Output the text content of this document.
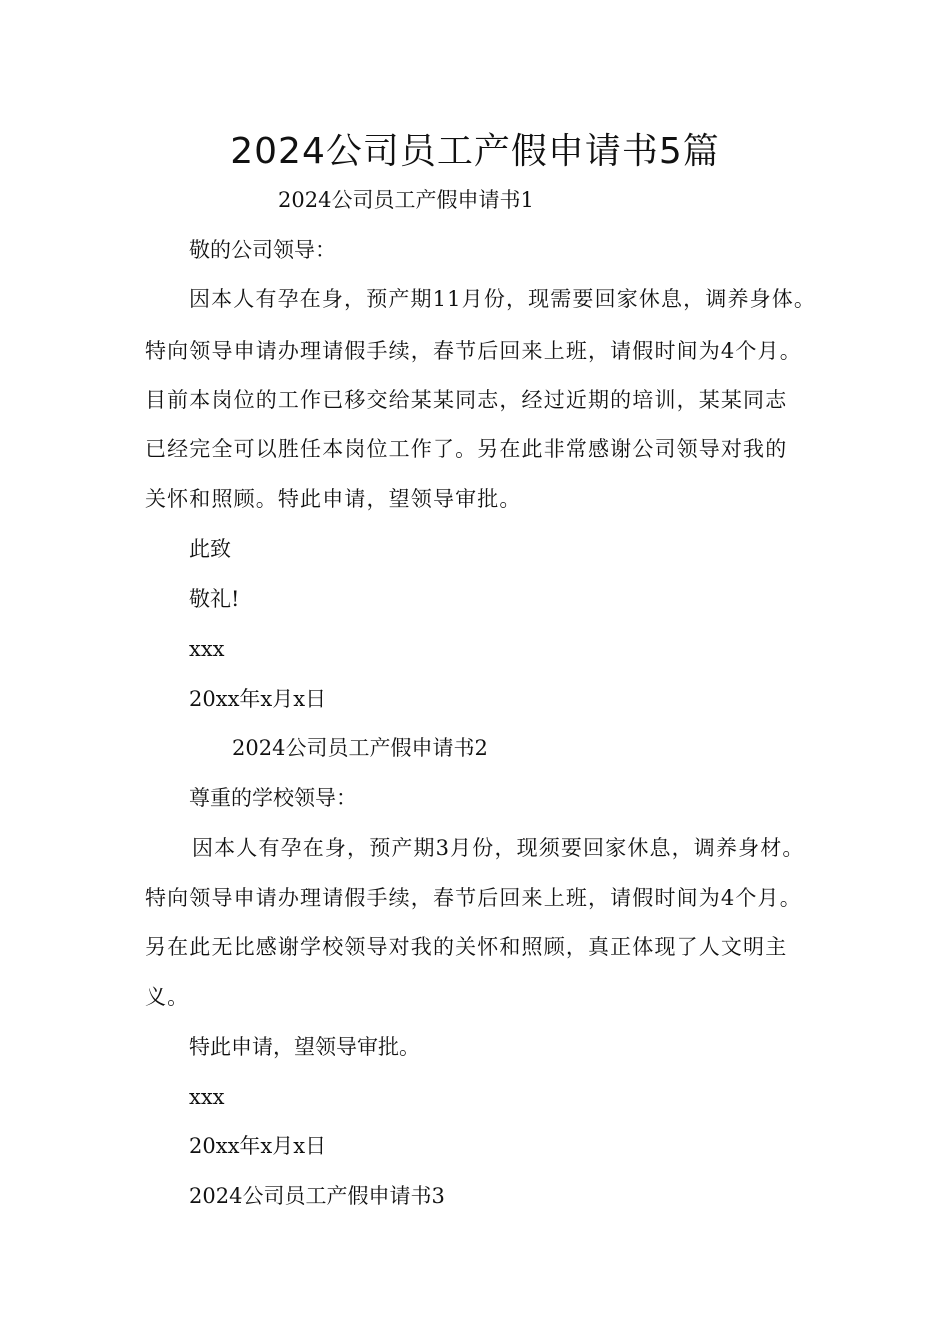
2024公司员工产假申请书5篇

2024公司员工产假申请书1

敬的公司领导：

因本人有孕在身，预产期11月份，现需要回家休息，调养身体。

特向领导申请办理请假手续，春节后回来上班，请假时间为4个月。

目前本岗位的工作已移交给某某同志，经过近期的培训，某某同志

已经完全可以胜任本岗位工作了。另在此非常感谢公司领导对我的

关怀和照顾。特此申请，望领导审批。

此致

敬礼!

xxx

20xx年x月x日

2024公司员工产假申请书2

尊重的学校领导：

因本人有孕在身，预产期3月份，现须要回家休息，调养身材。

特向领导申请办理请假手续，春节后回来上班，请假时间为4个月。

另在此无比感谢学校领导对我的关怀和照顾，真正体现了人文明主

义。

特此申请，望领导审批。

xxx

20xx年x月x日

2024公司员工产假申请书3
